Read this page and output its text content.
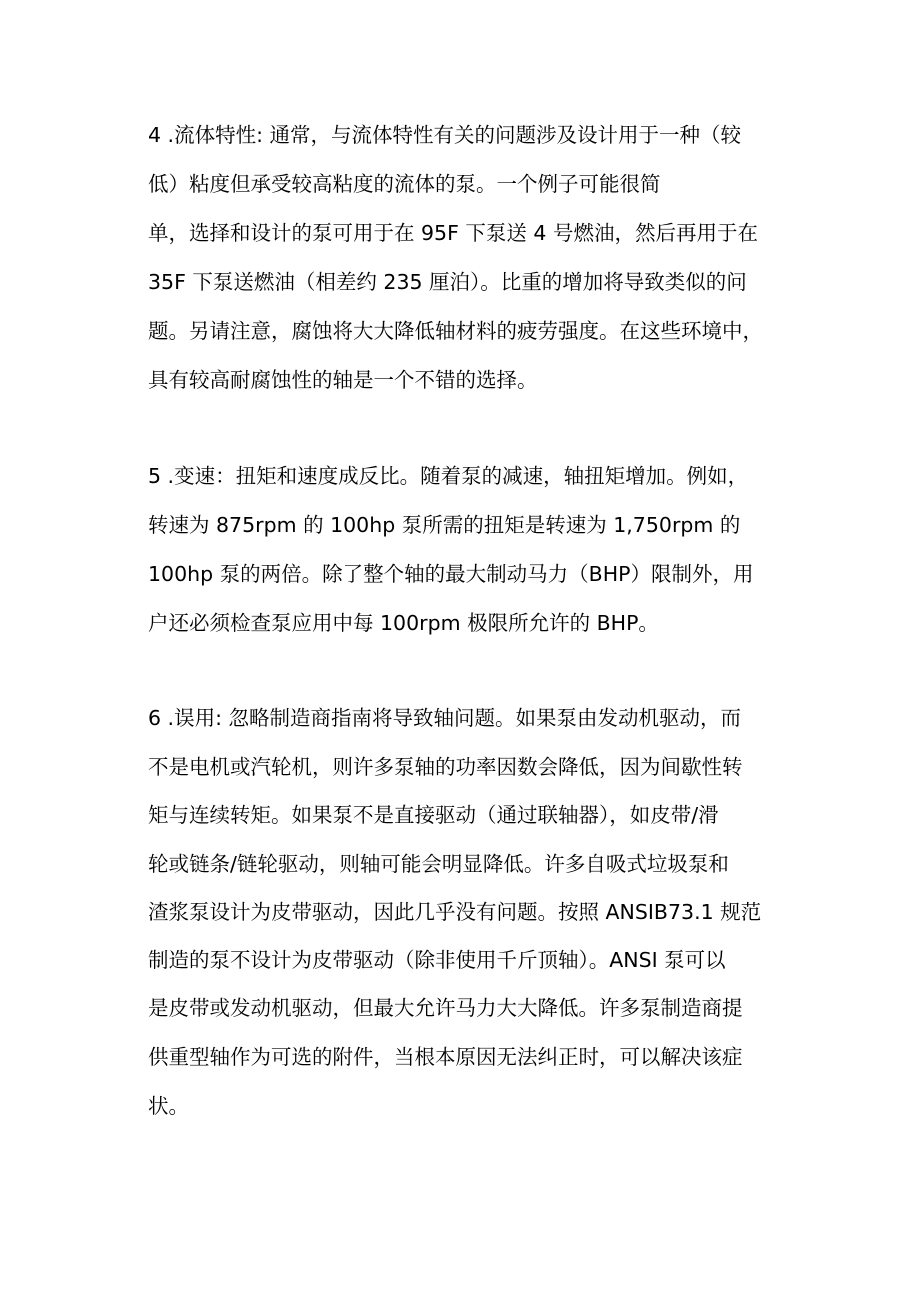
4 .流体特性: 通常，与流体特性有关的问题涉及设计用于一种（较

低）粘度但承受较高粘度的流体的泵。一个例子可能很简

单，选择和设计的泵可用于在 95F 下泵送 4 号燃油，然后再用于在

35F 下泵送燃油（相差约 235 厘泊）。比重的增加将导致类似的问

题。另请注意，腐蚀将大大降低轴材料的疲劳强度。在这些环境中，

具有较高耐腐蚀性的轴是一个不错的选择。

5 .变速：扭矩和速度成反比。随着泵的减速，轴扭矩增加。例如，

转速为 875rpm 的 100hp 泵所需的扭矩是转速为 1,750rpm 的

100hp 泵的两倍。除了整个轴的最大制动马力（BHP）限制外，用

户还必须检查泵应用中每 100rpm 极限所允许的 BHP。

6 .误用: 忽略制造商指南将导致轴问题。如果泵由发动机驱动，而

不是电机或汽轮机，则许多泵轴的功率因数会降低，因为间歇性转

矩与连续转矩。如果泵不是直接驱动（通过联轴器），如皮带/滑

轮或链条/链轮驱动，则轴可能会明显降低。许多自吸式垃圾泵和

渣浆泵设计为皮带驱动，因此几乎没有问题。按照 ANSIB73.1 规范

制造的泵不设计为皮带驱动（除非使用千斤顶轴）。ANSI 泵可以

是皮带或发动机驱动，但最大允许马力大大降低。许多泵制造商提

供重型轴作为可选的附件，当根本原因无法纠正时，可以解决该症

状。
